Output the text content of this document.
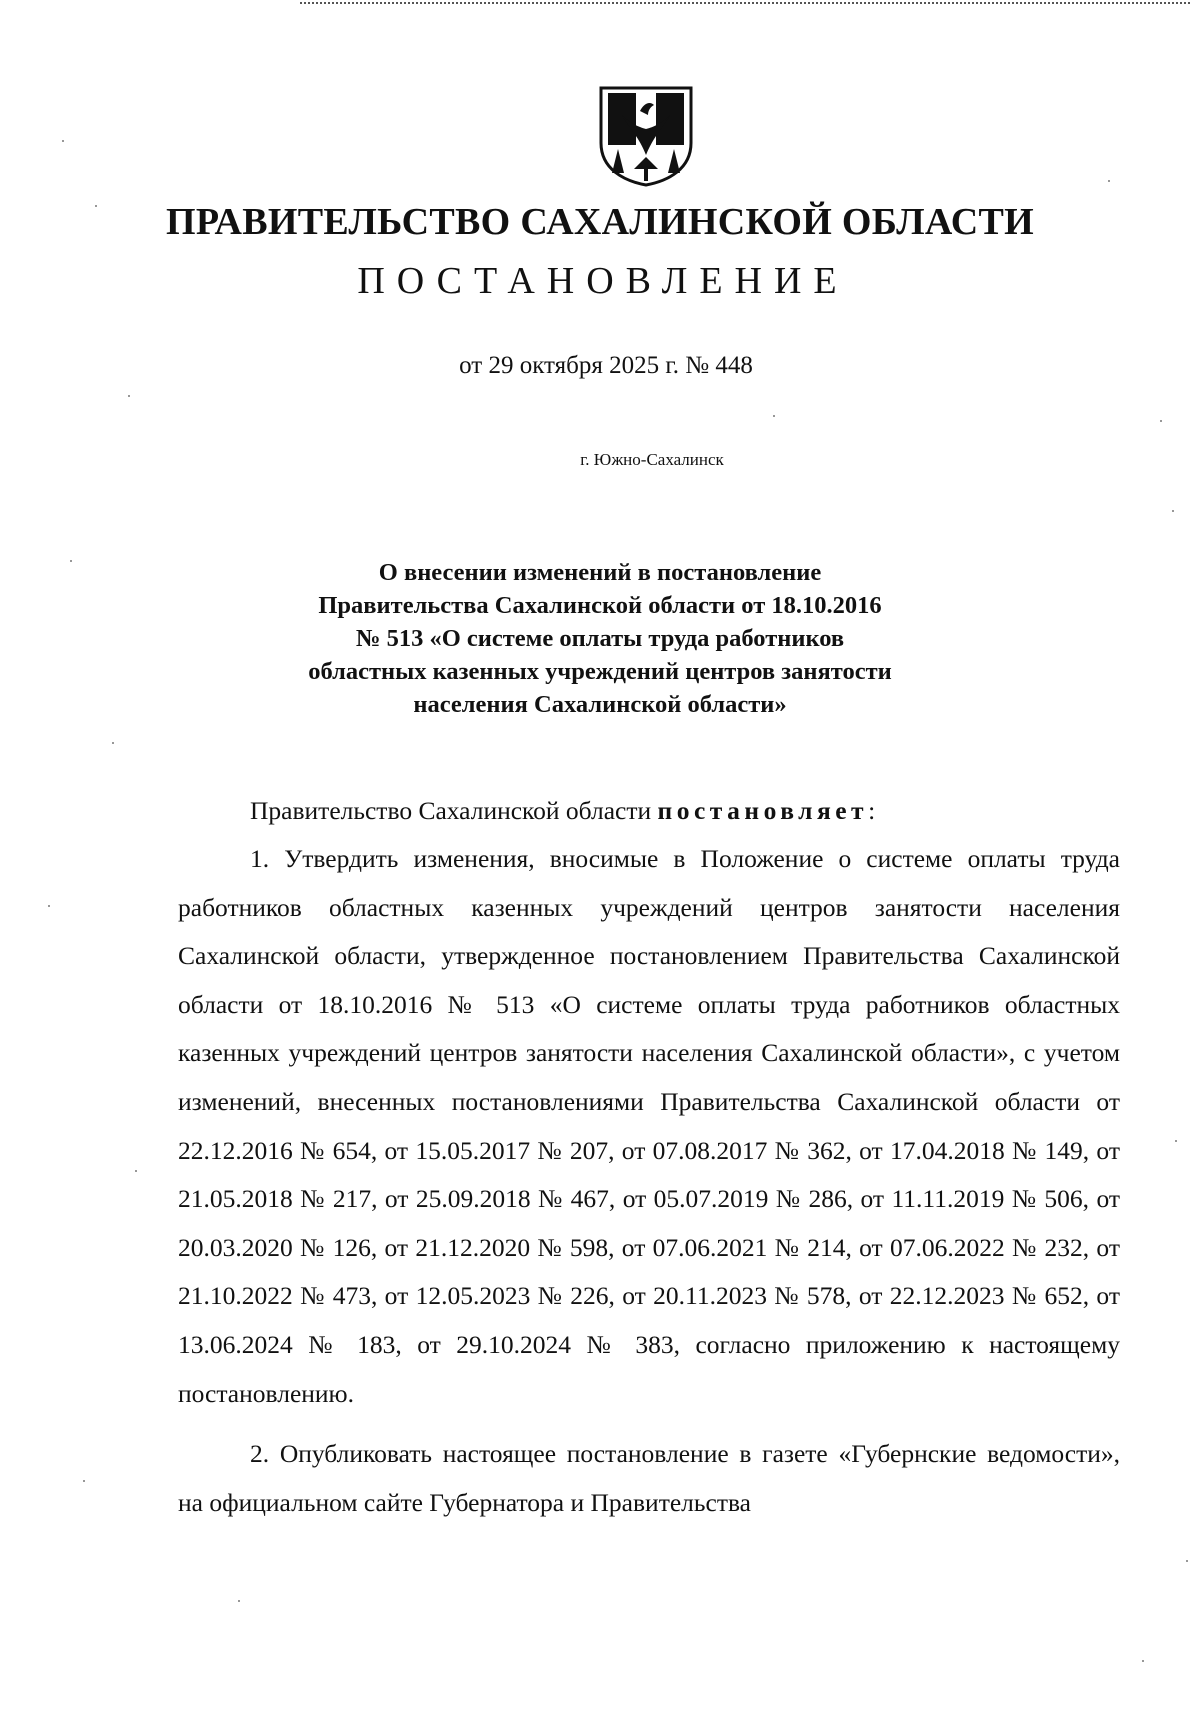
ПРАВИТЕЛЬСТВО САХАЛИНСКОЙ ОБЛАСТИ
ПОСТАНОВЛЕНИЕ
от 29 октября 2025 г. № 448
г. Южно-Сахалинск
О внесении изменений в постановление
Правительства Сахалинской области от 18.10.2016
№ 513 «О системе оплаты труда работников
областных казенных учреждений центров занятости
населения Сахалинской области»

Правительство Сахалинской области постановляет:

1. Утвердить изменения, вносимые в Положение о системе оплаты труда работников областных казенных учреждений центров занятости населения Сахалинской области, утвержденное постановлением Правительства Сахалинской области от 18.10.2016 № 513 «О системе оплаты труда работников областных казенных учреждений центров занятости населения Сахалинской области», с учетом изменений, внесенных постановлениями Правительства Сахалинской области от 22.12.2016 № 654, от 15.05.2017 № 207, от 07.08.2017 № 362, от 17.04.2018 № 149, от 21.05.2018 № 217, от 25.09.2018 № 467, от 05.07.2019 № 286, от 11.11.2019 № 506, от 20.03.2020 № 126, от 21.12.2020 № 598, от 07.06.2021 № 214, от 07.06.2022 № 232, от 21.10.2022 № 473, от 12.05.2023 № 226, от 20.11.2023 № 578, от 22.12.2023 № 652, от 13.06.2024 № 183, от 29.10.2024 № 383, согласно приложению к настоящему постановлению.

2. Опубликовать настоящее постановление в газете «Губернские ведомости», на официальном сайте Губернатора и Правительства
